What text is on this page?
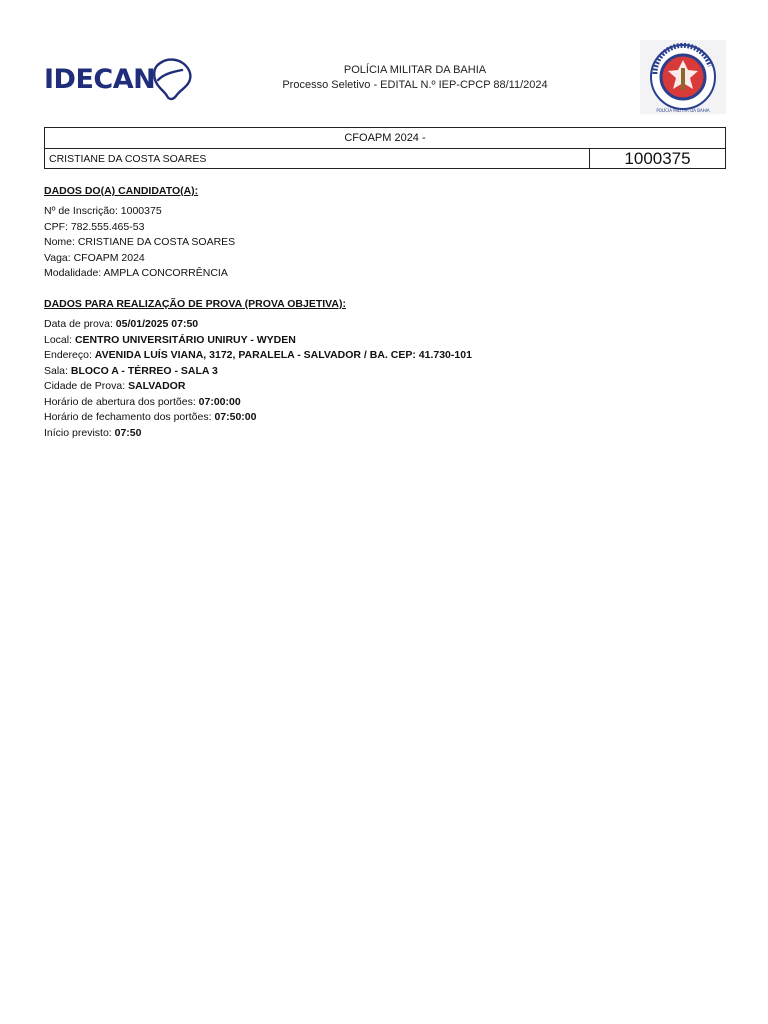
IDECAN	POLÍCIA MILITAR DA BAHIA
Processo Seletivo - EDITAL N.º IEP-CPCP 88/11/2024
POLÍCIA MILITAR DA BAHIA
CFOAPM 2024 -
CRISTIANE DA COSTA SOARES	1000375
DADOS DO(A) CANDIDATO(A):
Nº de Inscrição: 1000375
CPF: 782.555.465-53
Nome: CRISTIANE DA COSTA SOARES
Vaga: CFOAPM 2024
Modalidade: AMPLA CONCORRÊNCIA
DADOS PARA REALIZAÇÃO DE PROVA (PROVA OBJETIVA):
Data de prova: 05/01/2025 07:50
Local: CENTRO UNIVERSITÁRIO UNIRUY - WYDEN
Endereço: AVENIDA LUÍS VIANA, 3172, PARALELA - SALVADOR / BA. CEP: 41.730-101
Sala: BLOCO A - TÉRREO - SALA 3
Cidade de Prova: SALVADOR
Horário de abertura dos portões: 07:00:00
Horário de fechamento dos portões: 07:50:00
Início previsto: 07:50
